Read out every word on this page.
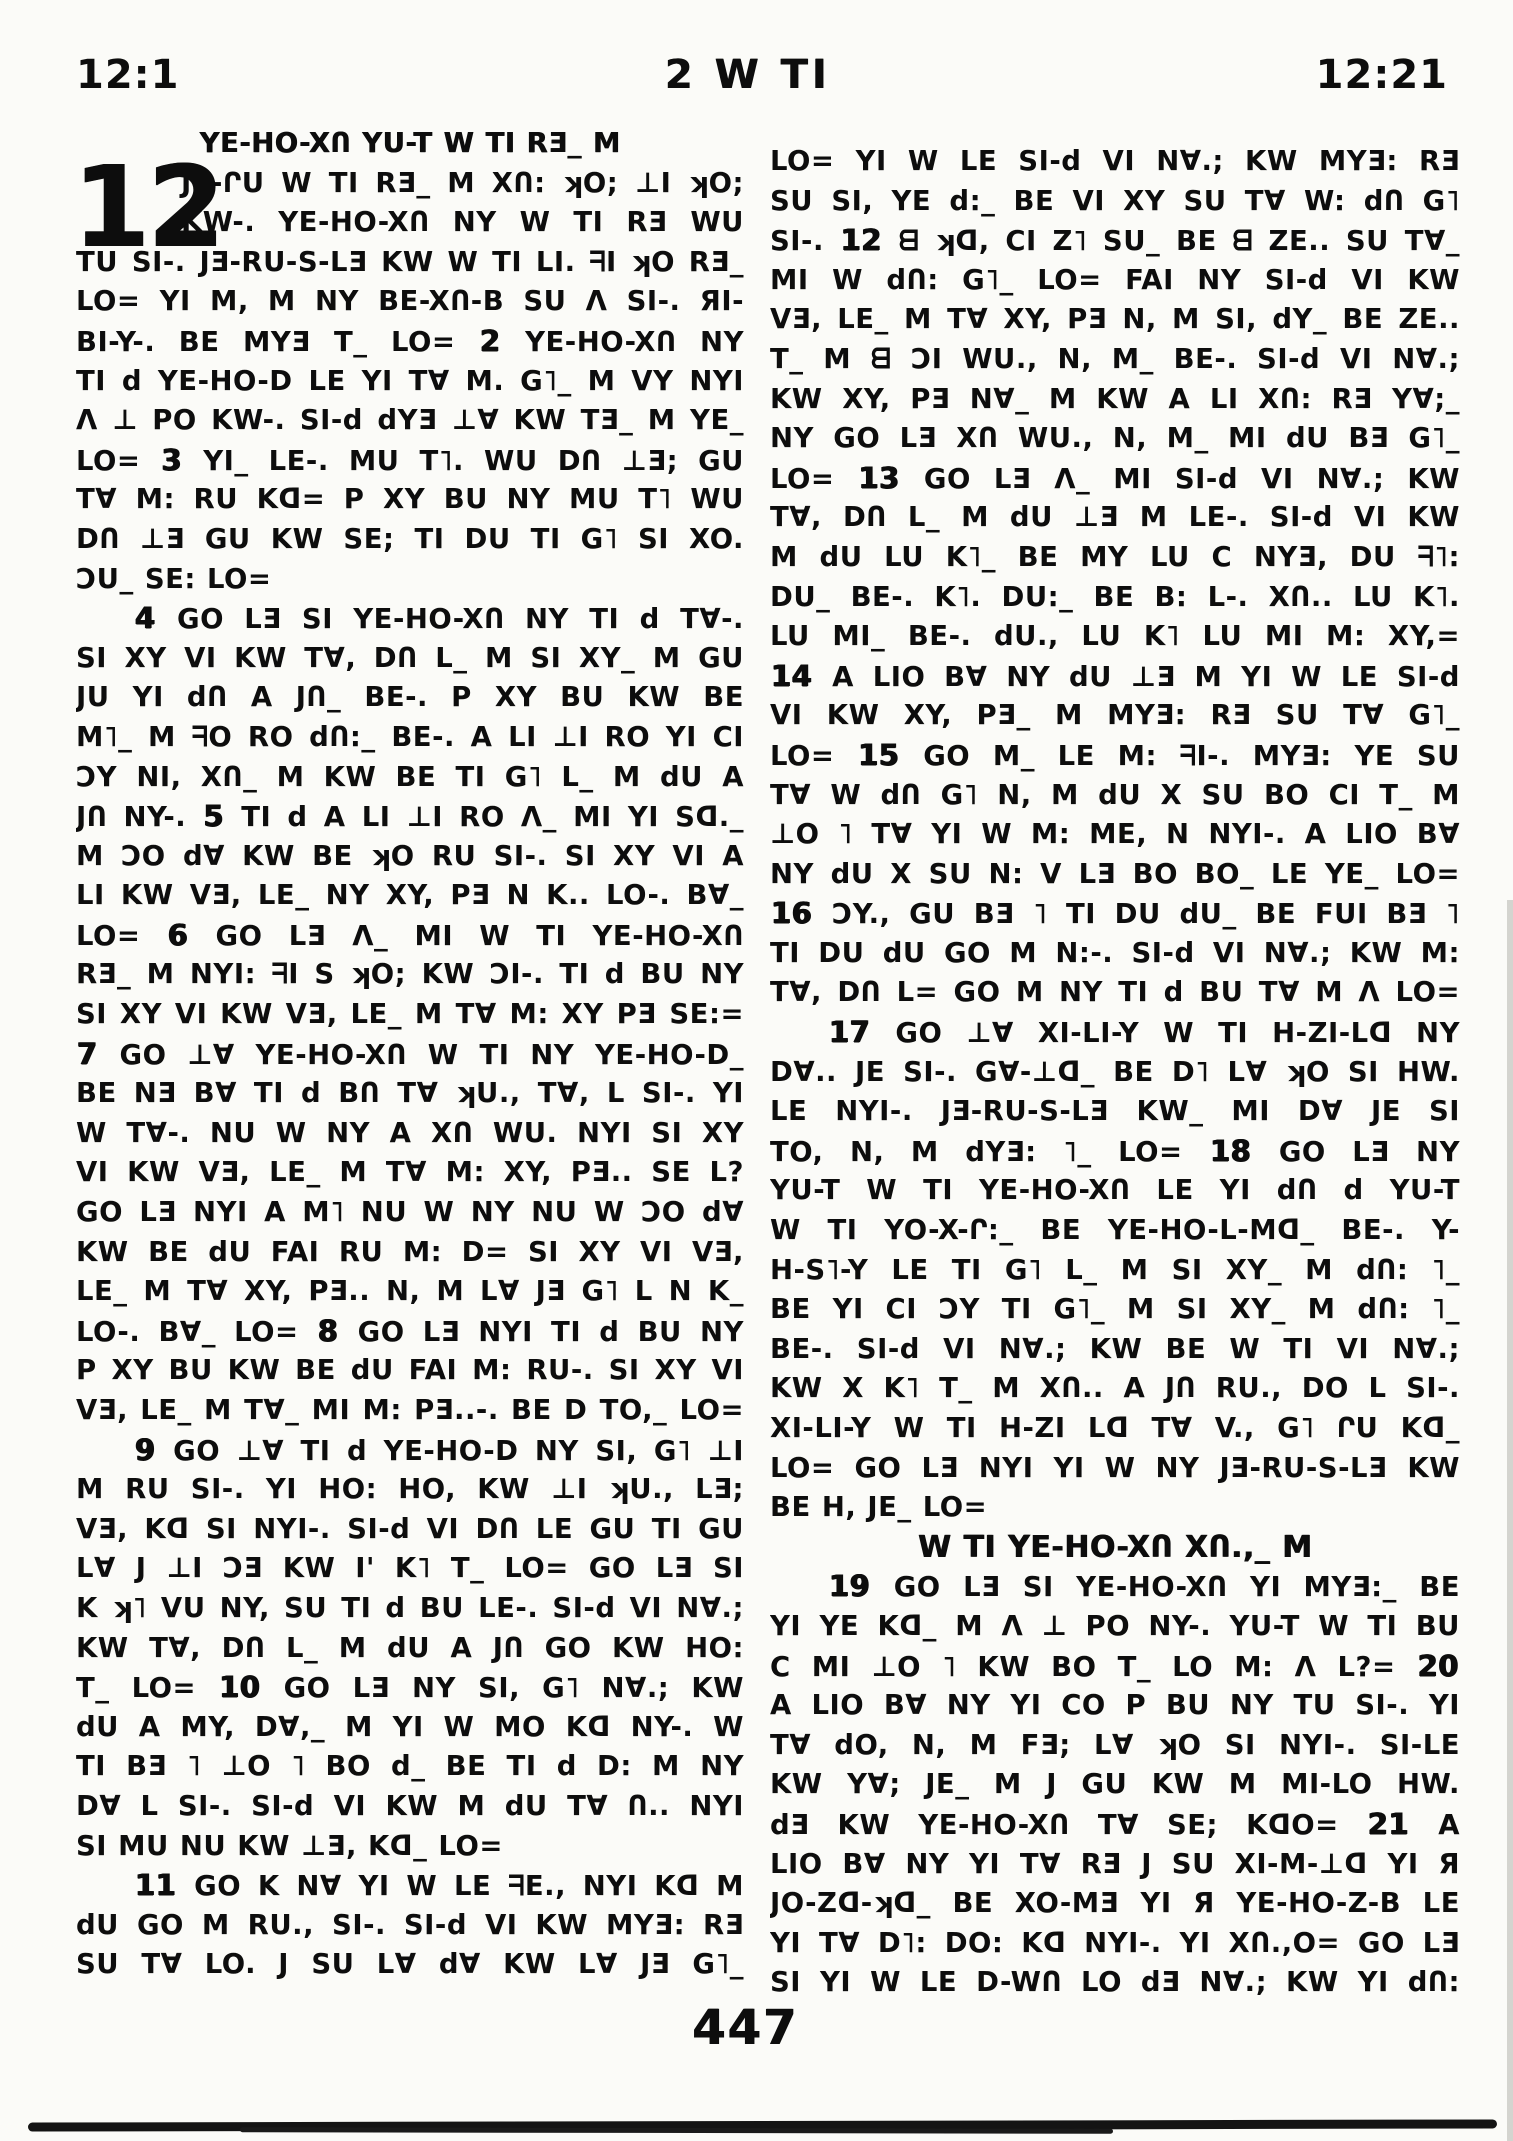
12:1	2 W TI	12:21
12
YE-HO-XՈ YU-T W TI RƎ_ M
JƎ-ՐU W TI RƎ_ M XՈ: ʞO; ⊥I ʞO;
KW-. YE-HO-XՈ NY W TI RƎ WU
TU SI-. JƎ-RU-S-LƎ KW W TI LI. ᖷI ʞO RƎ_
LO= YI M, M NY BE-XՈ-B SU Λ SI-. ЯI-
BI-Y-. BE MYƎ T_ LO= 2 YE-HO-XՈ NY
TI d YE-HO-D LE YI T∀ M. G˥_ M VY NYI
Λ ⊥ PO KW-. SI-d dYƎ ⊥∀ KW TƎ_ M YE_
LO= 3 YI_ LE-. MU T˥. WU DՈ ⊥Ǝ; GU
T∀ M: RU Kᗡ= P XY BU NY MU T˥ WU
DՈ ⊥Ǝ GU KW SE; TI DU TI G˥ SI XO.
ƆU_ SE: LO=
4 GO LƎ SI YE-HO-XՈ NY TI d T∀-.
SI XY VI KW T∀, DՈ L_ M SI XY_ M GU
JU YI dՈ A JՈ_ BE-. P XY BU KW BE
M˥_ M ᖷO RO dՈ:_ BE-. A LI ⊥I RO YI CI
ƆY NI, XՈ_ M KW BE TI G˥ L_ M dU A
JՈ NY-. 5 TI d A LI ⊥I RO Λ_ MI YI Sᗡ._
M ƆO d∀ KW BE ʞO RU SI-. SI XY VI A
LI KW VƎ, LE_ NY XY, PƎ N K.. LO-. B∀_
LO= 6 GO LƎ Λ_ MI W TI YE-HO-XՈ
RƎ_ M NYI: ᖷI S ʞO; KW ƆI-. TI d BU NY
SI XY VI KW VƎ, LE_ M T∀ M: XY PƎ SE:=
7 GO ⊥∀ YE-HO-XՈ W TI NY YE-HO-D_
BE NƎ B∀ TI d BՈ T∀ ʞU., T∀, L SI-. YI
W T∀-. NU W NY A XՈ WU. NYI SI XY
VI KW VƎ, LE_ M T∀ M: XY, PƎ.. SE L?
GO LƎ NYI A M˥ NU W NY NU W ƆO d∀
KW BE dU FAI RU M: D= SI XY VI VƎ,
LE_ M T∀ XY, PƎ.. N, M L∀ JƎ G˥ L N K_
LO-. B∀_ LO= 8 GO LƎ NYI TI d BU NY
P XY BU KW BE dU FAI M: RU-. SI XY VI
VƎ, LE_ M T∀_ MI M: PƎ..-. BE D TO,_ LO=
9 GO ⊥∀ TI d YE-HO-D NY SI, G˥ ⊥I
M RU SI-. YI HO: HO, KW ⊥I ʞU., LƎ;
VƎ, Kᗡ SI NYI-. SI-d VI DՈ LE GU TI GU
L∀ J ⊥I ƆƎ KW I' K˥ T_ LO= GO LƎ SI
K ʞ˥ VU NY, SU TI d BU LE-. SI-d VI N∀.;
KW T∀, DՈ L_ M dU A JՈ GO KW HO:
T_ LO= 10 GO LƎ NY SI, G˥ N∀.; KW
dU A MY, D∀,_ M YI W MO Kᗡ NY-. W
TI BƎ ˥ ⊥O ˥ BO d_ BE TI d D: M NY
D∀ L SI-. SI-d VI KW M dU T∀ Ո.. NYI
SI MU NU KW ⊥Ǝ, Kᗡ_ LO=
11 GO K N∀ YI W LE ᖷE., NYI Kᗡ M
dU GO M RU., SI-. SI-d VI KW MYƎ: RƎ
SU T∀ LO. J SU L∀ d∀ KW L∀ JƎ G˥_
LO= YI W LE SI-d VI N∀.; KW MYƎ: RƎ
SU SI, YE d:_ BE VI XY SU T∀ W: dՈ G˥
SI-. 12 ᗺ ʞᗡ, CI Z˥ SU_ BE ᗺ ZE.. SU T∀_
MI W dՈ: G˥_ LO= FAI NY SI-d VI KW
VƎ, LE_ M T∀ XY, PƎ N, M SI, dY_ BE ZE..
T_ M ᗺ ƆI WU., N, M_ BE-. SI-d VI N∀.;
KW XY, PƎ N∀_ M KW A LI XՈ: RƎ Y∀;_
NY GO LƎ XՈ WU., N, M_ MI dU BƎ G˥_
LO= 13 GO LƎ Λ_ MI SI-d VI N∀.; KW
T∀, DՈ L_ M dU ⊥Ǝ M LE-. SI-d VI KW
M dU LU K˥_ BE MY LU C NYƎ, DU ᖷ˥:
DU_ BE-. K˥. DU:_ BE B: L-. XՈ.. LU K˥.
LU MI_ BE-. dU., LU K˥ LU MI M: XY,=
14 A LIO B∀ NY dU ⊥Ǝ M YI W LE SI-d
VI KW XY, PƎ_ M MYƎ: RƎ SU T∀ G˥_
LO= 15 GO M_ LE M: ᖷI-. MYƎ: YE SU
T∀ W dՈ G˥ N, M dU X SU BO CI T_ M
⊥O ˥ T∀ YI W M: ME, N NYI-. A LIO B∀
NY dU X SU N: V LƎ BO BO_ LE YE_ LO=
16 ƆY., GU BƎ ˥ TI DU dU_ BE FUI BƎ ˥
TI DU dU GO M N:-. SI-d VI N∀.; KW M:
T∀, DՈ L= GO M NY TI d BU T∀ M Λ LO=
17 GO ⊥∀ XI-LI-Y W TI H-ZI-Lᗡ NY
D∀.. JE SI-. G∀-⊥ᗡ_ BE D˥ L∀ ʞO SI HW.
LE NYI-. JƎ-RU-S-LƎ KW_ MI D∀ JE SI
TO, N, M dYƎ: ˥_ LO= 18 GO LƎ NY
YU-T W TI YE-HO-XՈ LE YI dՈ d YU-T
W TI YO-X-Ր:_ BE YE-HO-L-Mᗡ_ BE-. Y-
H-S˥-Y LE TI G˥ L_ M SI XY_ M dՈ: ˥_
BE YI CI ƆY TI G˥_ M SI XY_ M dՈ: ˥_
BE-. SI-d VI N∀.; KW BE W TI VI N∀.;
KW X K˥ T_ M XՈ.. A JՈ RU., DO L SI-.
XI-LI-Y W TI H-ZI Lᗡ T∀ V., G˥ ՐU Kᗡ_
LO= GO LƎ NYI YI W NY JƎ-RU-S-LƎ KW
BE H, JE_ LO=
W TI YE-HO-XՈ XՈ.,_ M
19 GO LƎ SI YE-HO-XՈ YI MYƎ:_ BE
YI YE Kᗡ_ M Λ ⊥ PO NY-. YU-T W TI BU
C MI ⊥O ˥ KW BO T_ LO M: Λ L?= 20
A LIO B∀ NY YI CO P BU NY TU SI-. YI
T∀ dO, N, M FƎ; L∀ ʞO SI NYI-. SI-LE
KW Y∀; JE_ M J GU KW M MI-LO HW.
dƎ KW YE-HO-XՈ T∀ SE; KᗡO= 21 A
LIO B∀ NY YI T∀ RƎ J SU XI-M-⊥ᗡ YI Я
JO-Zᗡ-ʞᗡ_ BE XO-MƎ YI Я YE-HO-Z-B LE
YI T∀ D˥: DO: Kᗡ NYI-. YI XՈ.,O= GO LƎ
SI YI W LE D-WՈ LO dƎ N∀.; KW YI dՈ:
447
